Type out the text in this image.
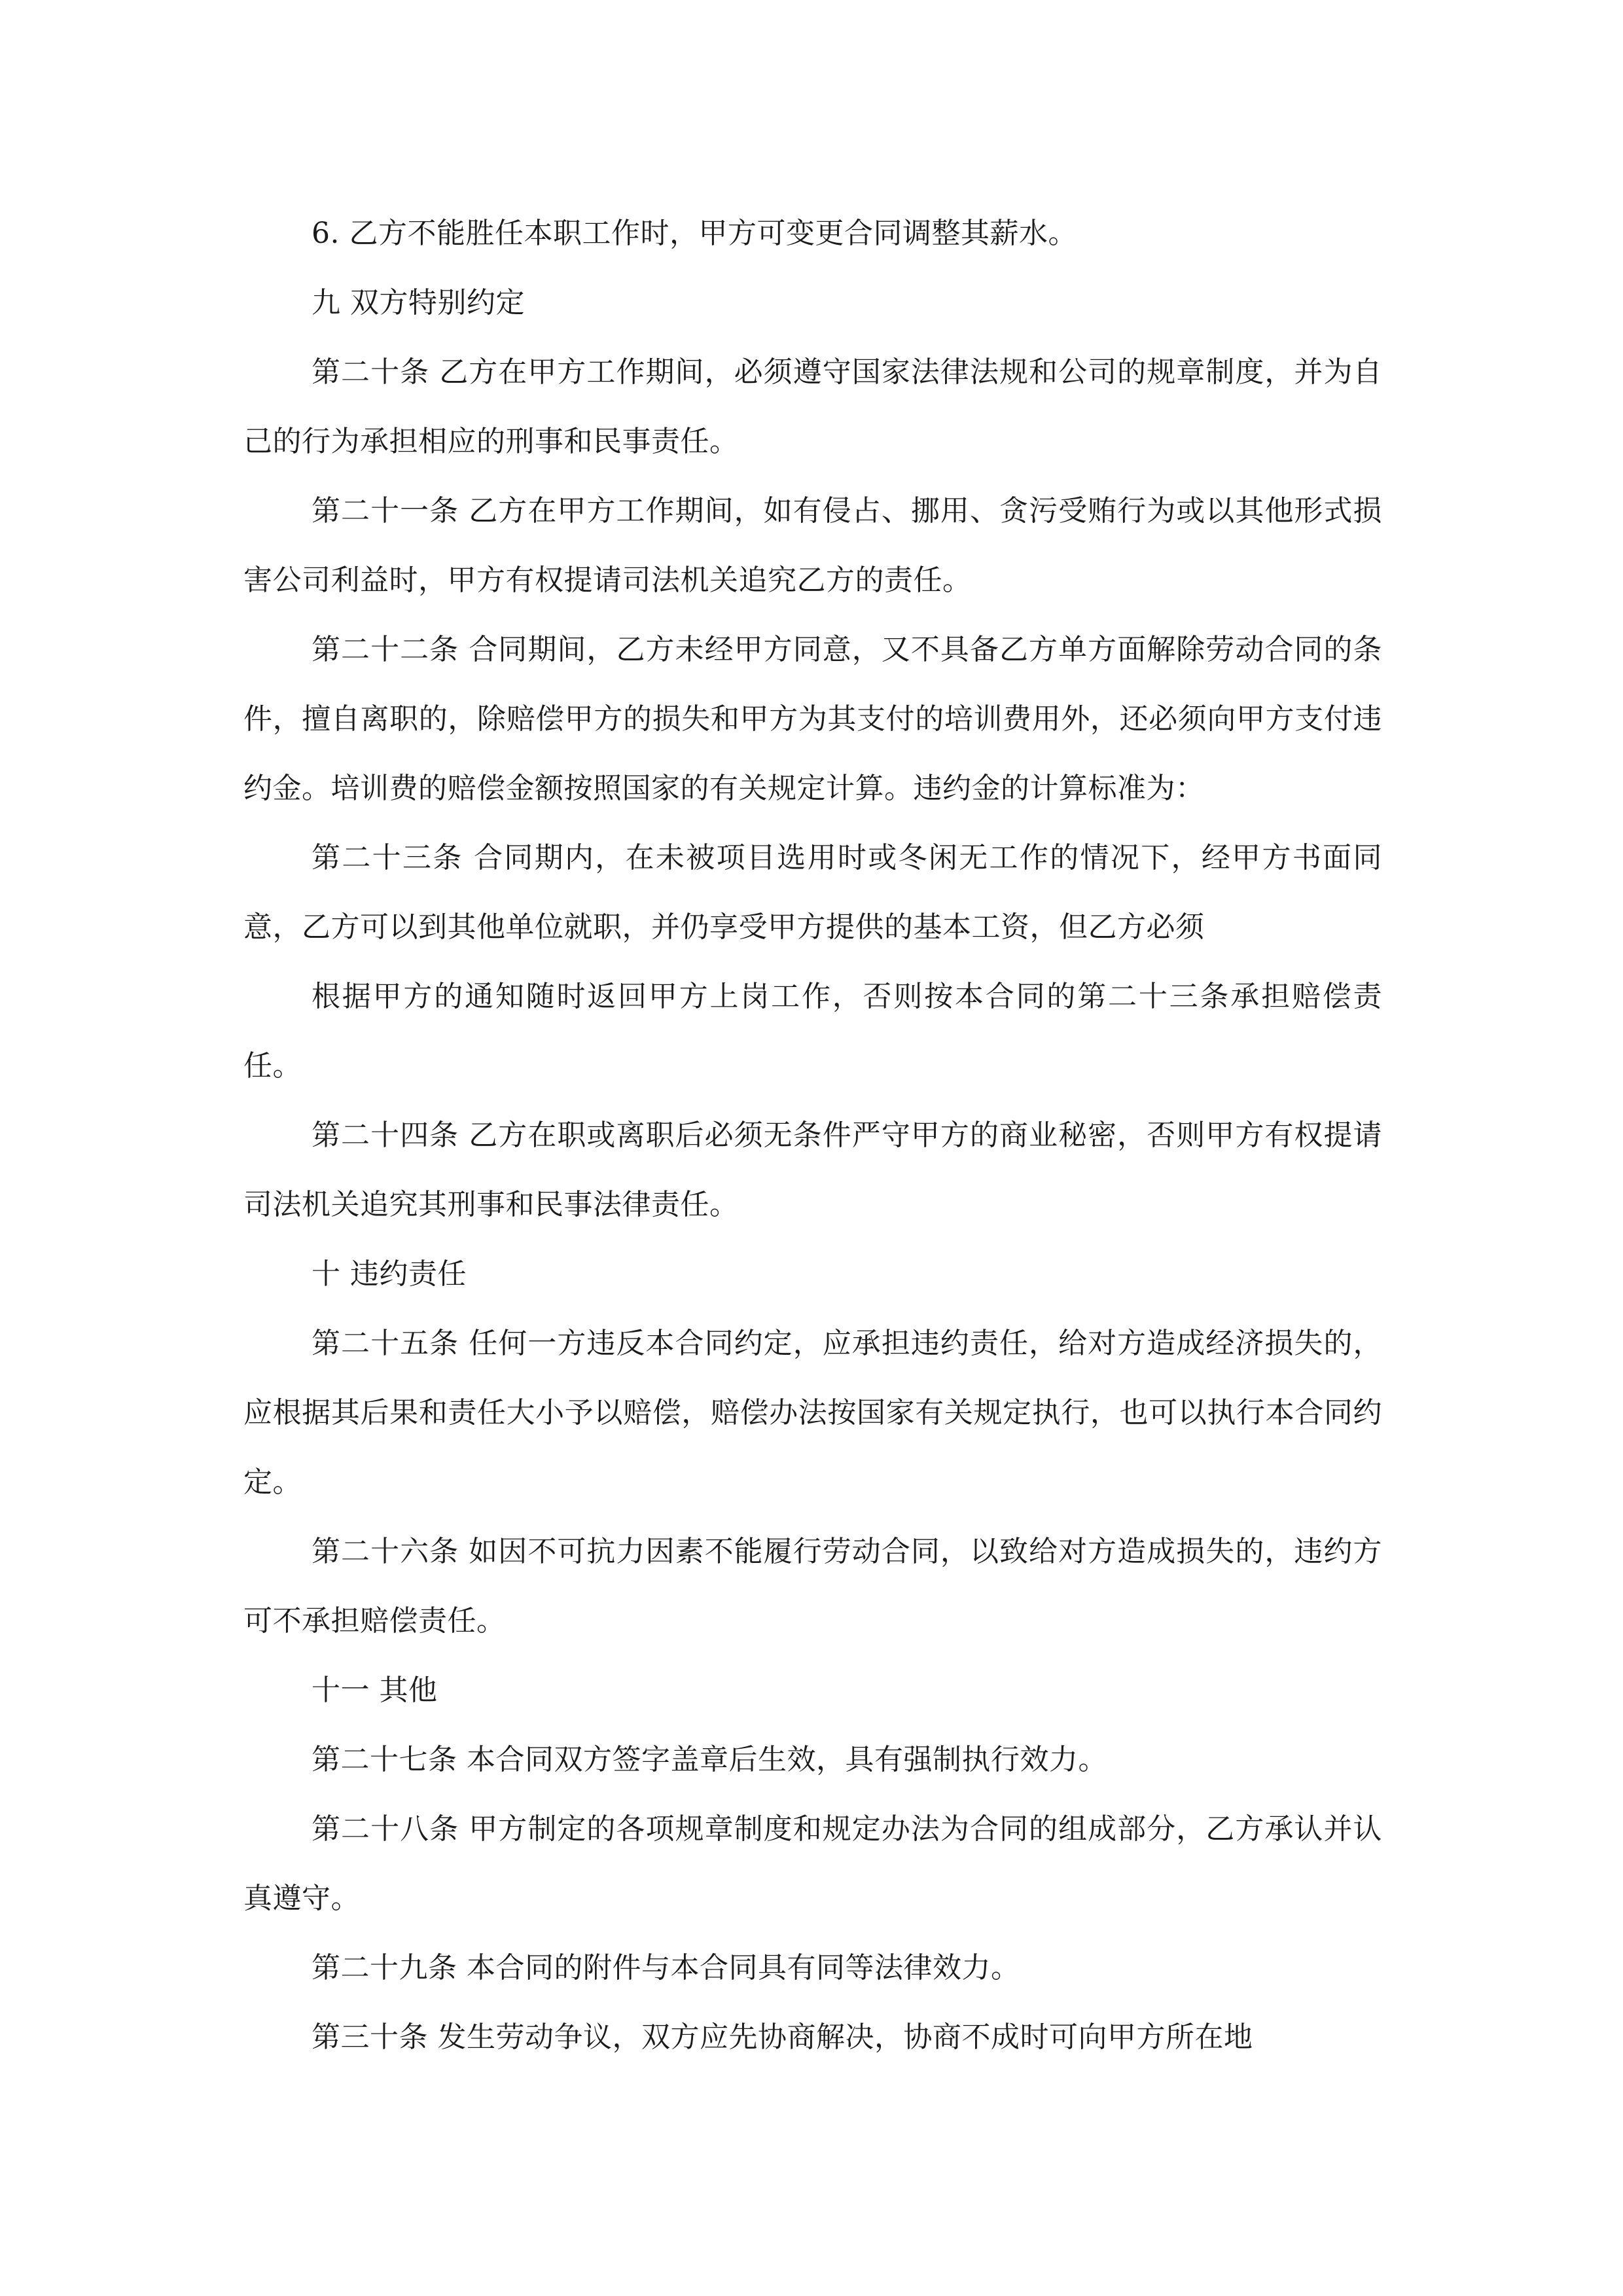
6. 乙方不能胜任本职工作时，甲方可变更合同调整其薪水。

九 双方特别约定

第二十条 乙方在甲方工作期间，必须遵守国家法律法规和公司的规章制度，并为自己的行为承担相应的刑事和民事责任。

第二十一条 乙方在甲方工作期间，如有侵占、挪用、贪污受贿行为或以其他形式损害公司利益时，甲方有权提请司法机关追究乙方的责任。

第二十二条 合同期间，乙方未经甲方同意，又不具备乙方单方面解除劳动合同的条件，擅自离职的，除赔偿甲方的损失和甲方为其支付的培训费用外，还必须向甲方支付违约金。培训费的赔偿金额按照国家的有关规定计算。违约金的计算标准为：

第二十三条 合同期内，在未被项目选用时或冬闲无工作的情况下，经甲方书面同意，乙方可以到其他单位就职，并仍享受甲方提供的基本工资，但乙方必须

根据甲方的通知随时返回甲方上岗工作，否则按本合同的第二十三条承担赔偿责任。

第二十四条 乙方在职或离职后必须无条件严守甲方的商业秘密，否则甲方有权提请司法机关追究其刑事和民事法律责任。

十 违约责任

第二十五条 任何一方违反本合同约定，应承担违约责任，给对方造成经济损失的，应根据其后果和责任大小予以赔偿，赔偿办法按国家有关规定执行，也可以执行本合同约定。

第二十六条 如因不可抗力因素不能履行劳动合同，以致给对方造成损失的，违约方可不承担赔偿责任。

十一 其他

第二十七条 本合同双方签字盖章后生效，具有强制执行效力。

第二十八条 甲方制定的各项规章制度和规定办法为合同的组成部分，乙方承认并认真遵守。

第二十九条 本合同的附件与本合同具有同等法律效力。

第三十条 发生劳动争议，双方应先协商解决，协商不成时可向甲方所在地
